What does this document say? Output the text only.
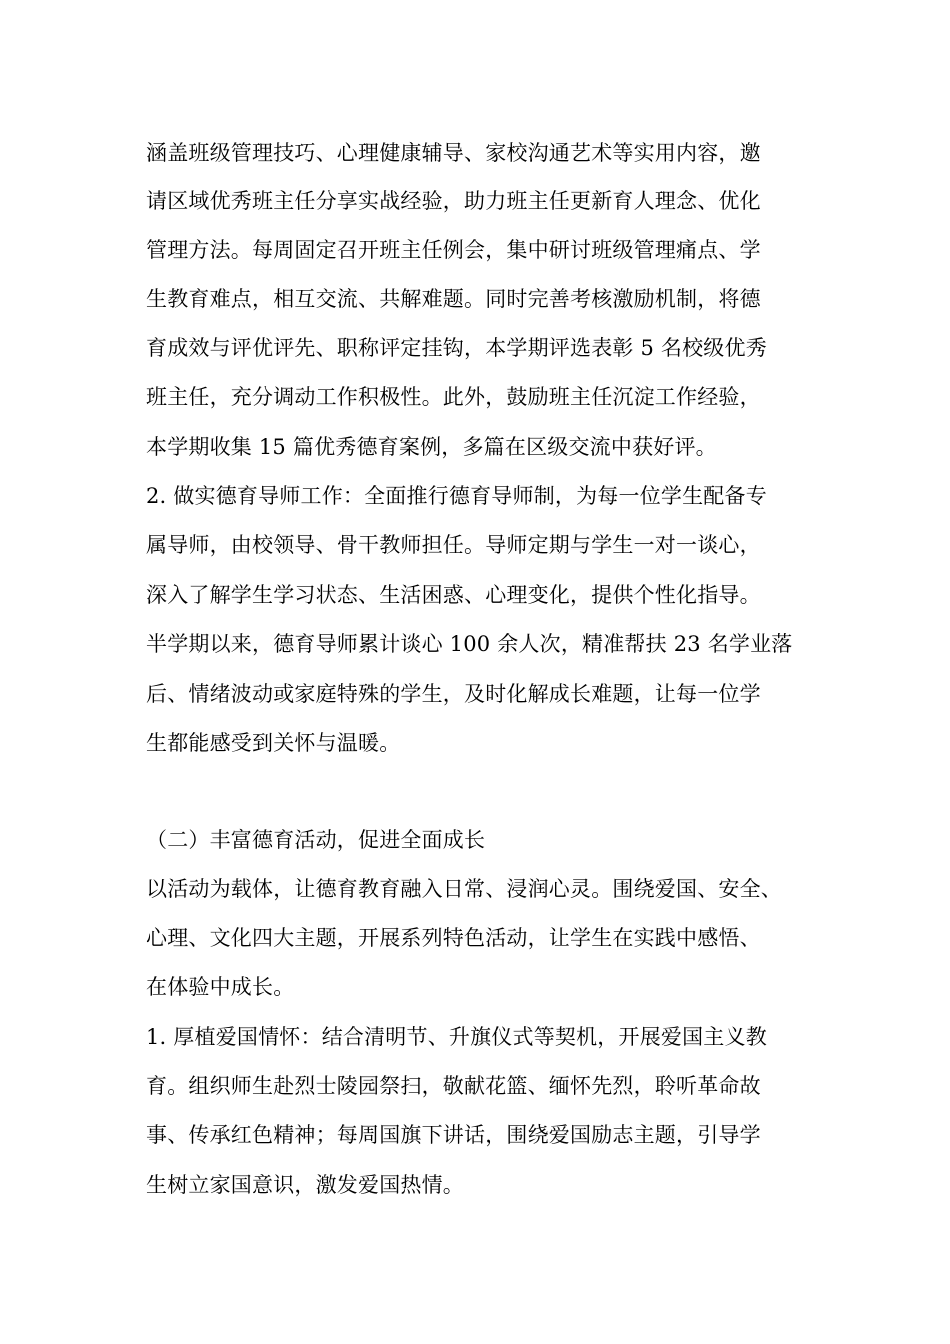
涵盖班级管理技巧、心理健康辅导、家校沟通艺术等实用内容，邀
请区域优秀班主任分享实战经验，助力班主任更新育人理念、优化
管理方法。每周固定召开班主任例会，集中研讨班级管理痛点、学
生教育难点，相互交流、共解难题。同时完善考核激励机制，将德
育成效与评优评先、职称评定挂钩，本学期评选表彰 5 名校级优秀
班主任，充分调动工作积极性。此外，鼓励班主任沉淀工作经验，
本学期收集 15 篇优秀德育案例，多篇在区级交流中获好评。
2. 做实德育导师工作：全面推行德育导师制，为每一位学生配备专
属导师，由校领导、骨干教师担任。导师定期与学生一对一谈心，
深入了解学生学习状态、生活困惑、心理变化，提供个性化指导。
半学期以来，德育导师累计谈心 100 余人次，精准帮扶 23 名学业落
后、情绪波动或家庭特殊的学生，及时化解成长难题，让每一位学
生都能感受到关怀与温暖。
（二）丰富德育活动，促进全面成长
以活动为载体，让德育教育融入日常、浸润心灵。围绕爱国、安全、
心理、文化四大主题，开展系列特色活动，让学生在实践中感悟、
在体验中成长。
1. 厚植爱国情怀：结合清明节、升旗仪式等契机，开展爱国主义教
育。组织师生赴烈士陵园祭扫，敬献花篮、缅怀先烈，聆听革命故
事、传承红色精神；每周国旗下讲话，围绕爱国励志主题，引导学
生树立家国意识，激发爱国热情。
